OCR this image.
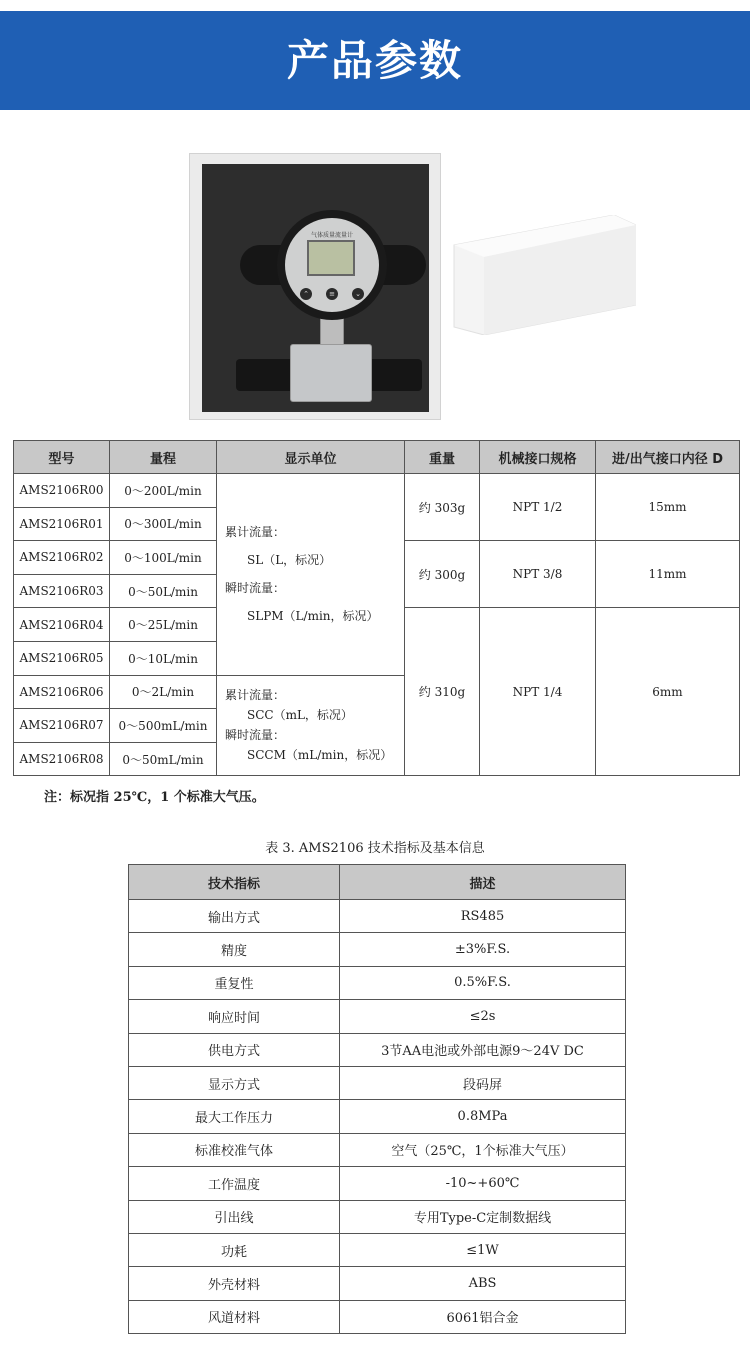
产品参数
气体质量流量计
⌃	≡	⌄
型号	量程	显示单位	重量	机械接口规格	进/出气接口内径 D
AMS2106R00	0～200L/min	累计流量：
SL（L，标况）
瞬时流量：
SLPM（L/min，标况）	约 303g	NPT 1/2	15mm
AMS2106R01	0～300L/min				
AMS2106R02	0～100L/min		约 300g	NPT 3/8	11mm
AMS2106R03	0～50L/min				
AMS2106R04	0～25L/min		约 310g	NPT 1/4	6mm
AMS2106R05	0～10L/min				
AMS2106R06	0～2L/min	累计流量：
SCC（mL，标况）
瞬时流量：
SCCM（mL/min，标况）			

AMS2106R07	0～500mL/min				
AMS2106R08	0～50mL/min				
注：标况指 25℃，1 个标准大气压。
表 3. AMS2106 技术指标及基本信息
技术指标	描述
输出方式	RS485
精度	±3%F.S.
重复性	0.5%F.S.
响应时间	≤2s
供电方式	3节AA电池或外部电源9～24V DC
显示方式	段码屏
最大工作压力	0.8MPa
标准校准气体	空气（25℃，1个标准大气压）
工作温度	-10~+60℃
引出线	专用Type-C定制数据线
功耗	≤1W
外壳材料	ABS
风道材料	6061铝合金
